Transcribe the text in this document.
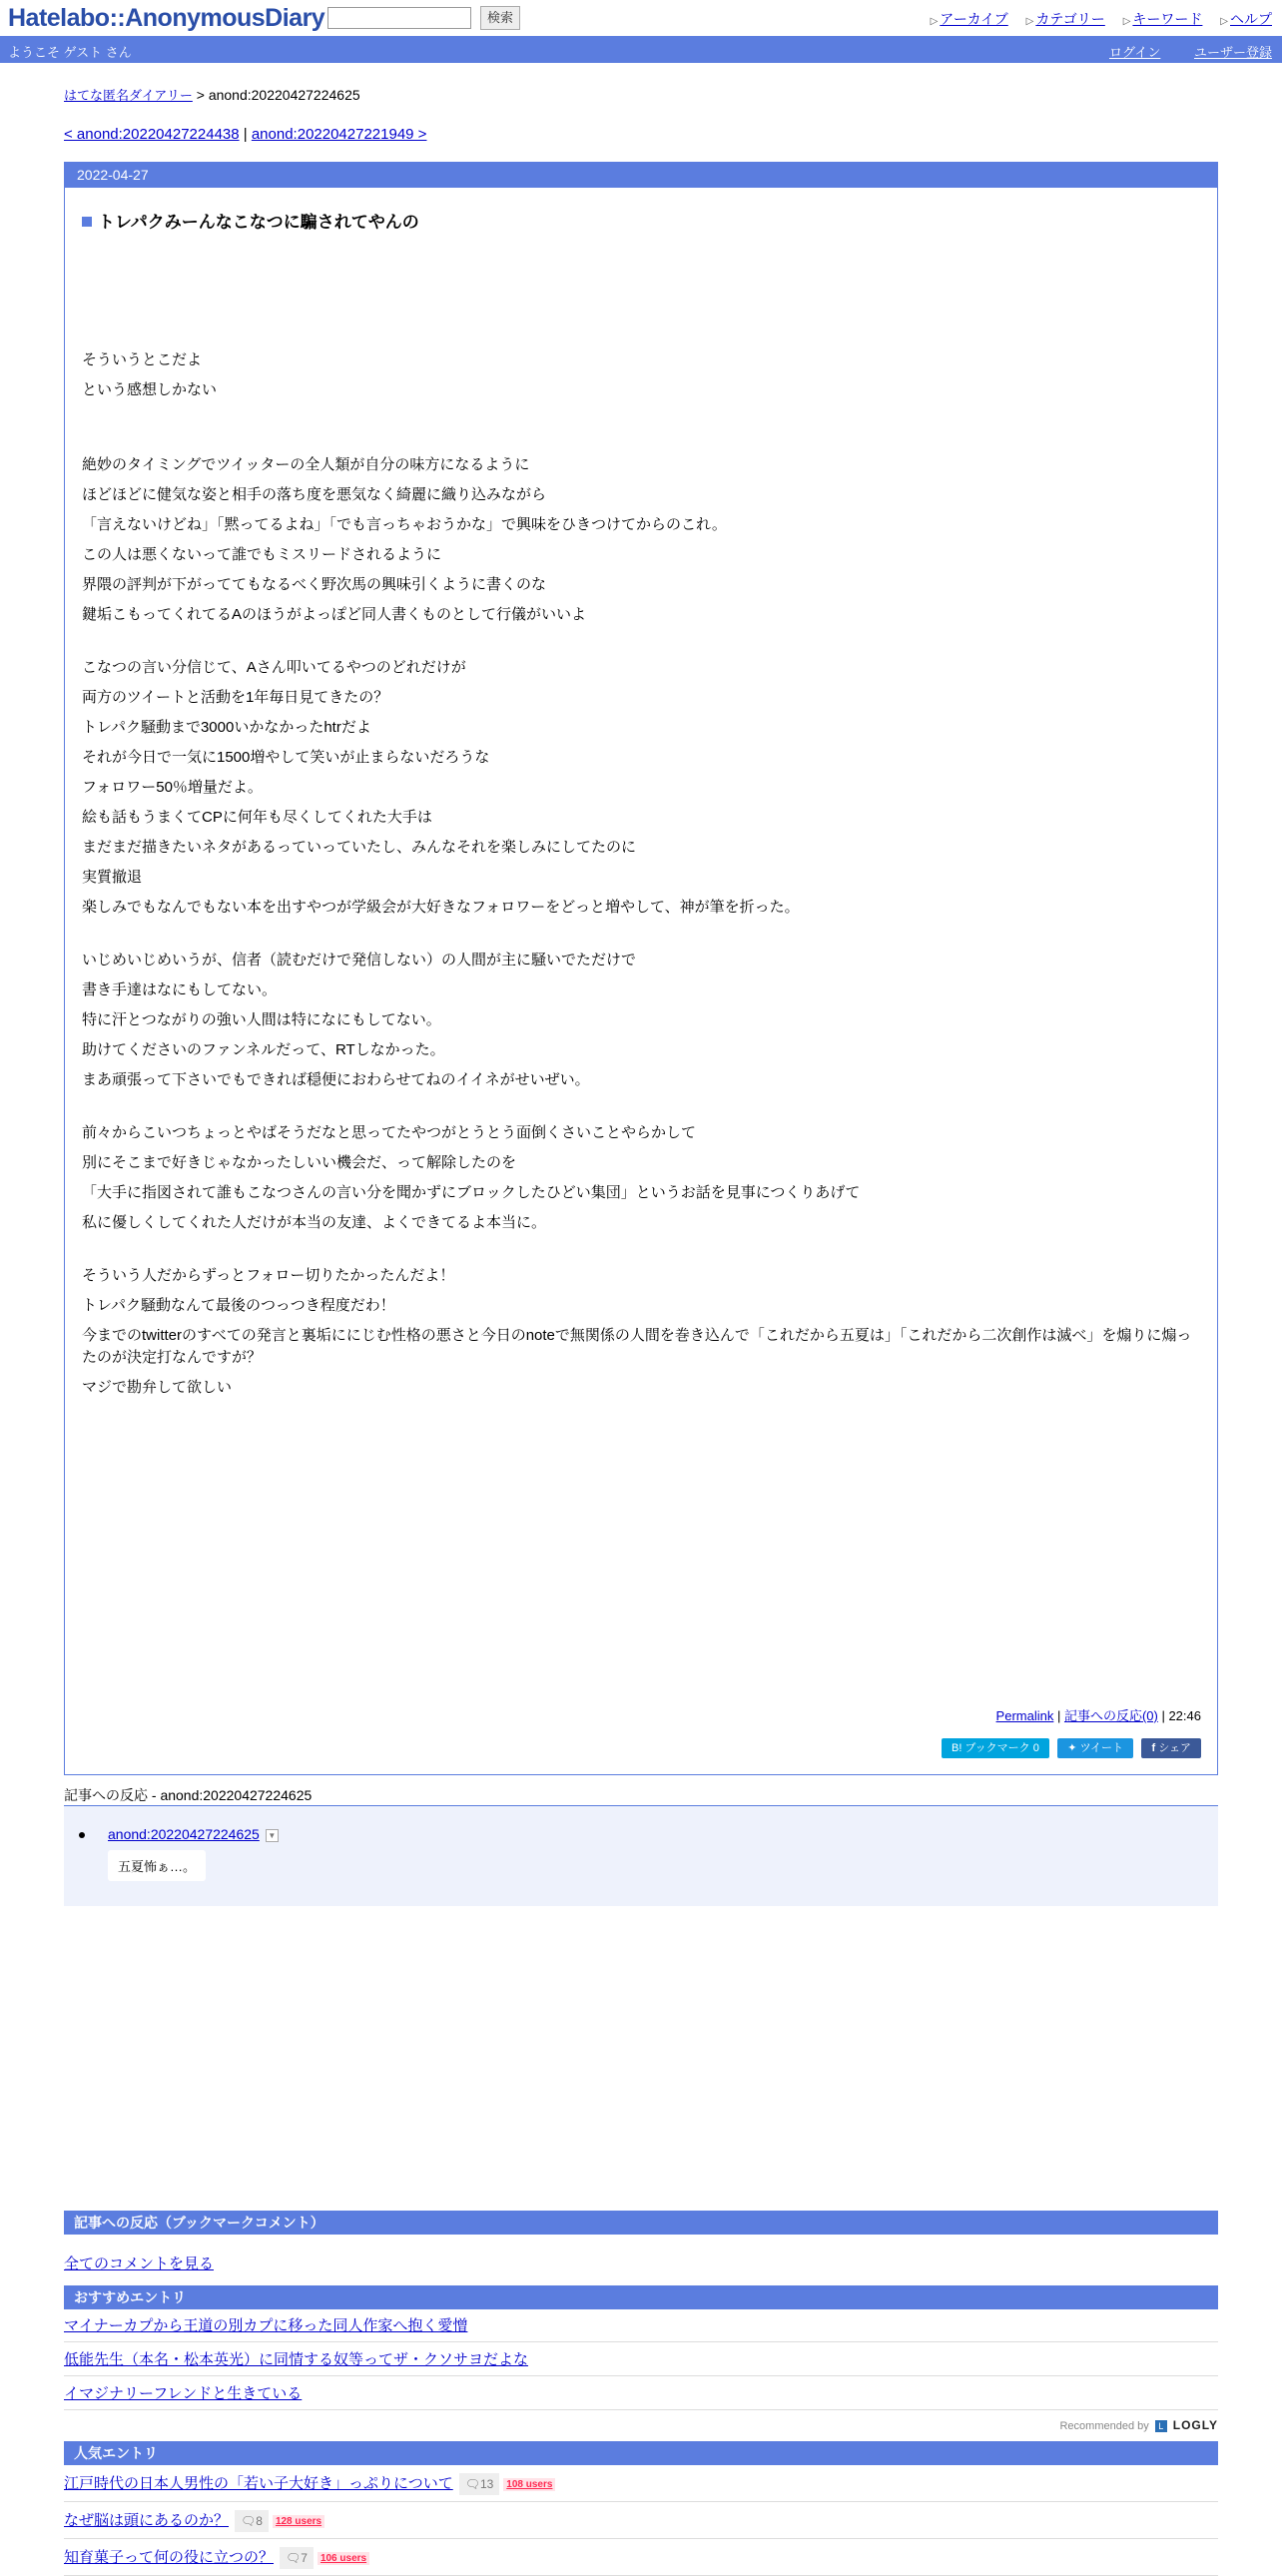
Hatelabo::AnonymousDiary	検索	▷ アーカイブ ▷ カテゴリー ▷ キーワード ▷ ヘルプ
ようこそ ゲスト さん	ログイン	ユーザー登録
はてな匿名ダイアリー > anond:20220427224625
< anond:20220427224438 | anond:20220427221949 >
2022-04-27
トレパクみーんなこなつに騙されてやんの

そういうとこだよ

という感想しかない

絶妙のタイミングでツイッターの全人類が自分の味方になるように

ほどほどに健気な姿と相手の落ち度を悪気なく綺麗に織り込みながら

「言えないけどね」「黙ってるよね」「でも言っちゃおうかな」で興味をひきつけてからのこれ。

この人は悪くないって誰でもミスリードされるように

界隈の評判が下がっててもなるべく野次馬の興味引くように書くのな

鍵垢こもってくれてるAのほうがよっぽど同人書くものとして行儀がいいよ

こなつの言い分信じて、Aさん叩いてるやつのどれだけが

両方のツイートと活動を1年毎日見てきたの？

トレパク騒動まで3000いかなかったhtrだよ

それが今日で一気に1500増やして笑いが止まらないだろうな

フォロワー50％増量だよ。

絵も話もうまくてCPに何年も尽くしてくれた大手は

まだまだ描きたいネタがあるっていっていたし、みんなそれを楽しみにしてたのに

実質撤退

楽しみでもなんでもない本を出すやつが学級会が大好きなフォロワーをどっと増やして、神が筆を折った。

いじめいじめいうが、信者（読むだけで発信しない）の人間が主に騒いでただけで

書き手達はなにもしてない。

特に汗とつながりの強い人間は特になにもしてない。

助けてくださいのファンネルだって、RTしなかった。

まあ頑張って下さいでもできれば穏便におわらせてねのイイネがせいぜい。

前々からこいつちょっとやばそうだなと思ってたやつがとうとう面倒くさいことやらかして

別にそこまで好きじゃなかったしいい機会だ、って解除したのを

「大手に指図されて誰もこなつさんの言い分を聞かずにブロックしたひどい集団」というお話を見事につくりあげて

私に優しくしてくれた人だけが本当の友達、よくできてるよ本当に。

そういう人だからずっとフォロー切りたかったんだよ！

トレパク騒動なんて最後のつっつき程度だわ！

今までのtwitterのすべての発言と裏垢ににじむ性格の悪さと今日のnoteで無関係の人間を巻き込んで「これだから五夏は」「これだから二次創作は滅べ」を煽りに煽ったのが決定打なんですが？

マジで勘弁して欲しい

Permalink | 記事への反応(0) | 22:46
B! ブックマーク 0	✦ ツイート	f シェア
記事への反応 - anond:20220427224625
anond:20220427224625 ▼
五夏怖ぁ…。
記事への反応（ブックマークコメント）
全てのコメントを見る
おすすめエントリ
マイナーカプから王道の別カプに移った同人作家へ抱く愛憎
低能先生（本名・松本英光）に同情する奴等ってザ・クソサヨだよな
イマジナリーフレンドと生きている
Recommended by L LOGLY
人気エントリ
江戸時代の日本人男性の「若い子大好き」っぷりについて 🗨13 108 users
なぜ脳は頭にあるのか？ 🗨8 128 users
知育菓子って何の役に立つの？ 🗨7 106 users
